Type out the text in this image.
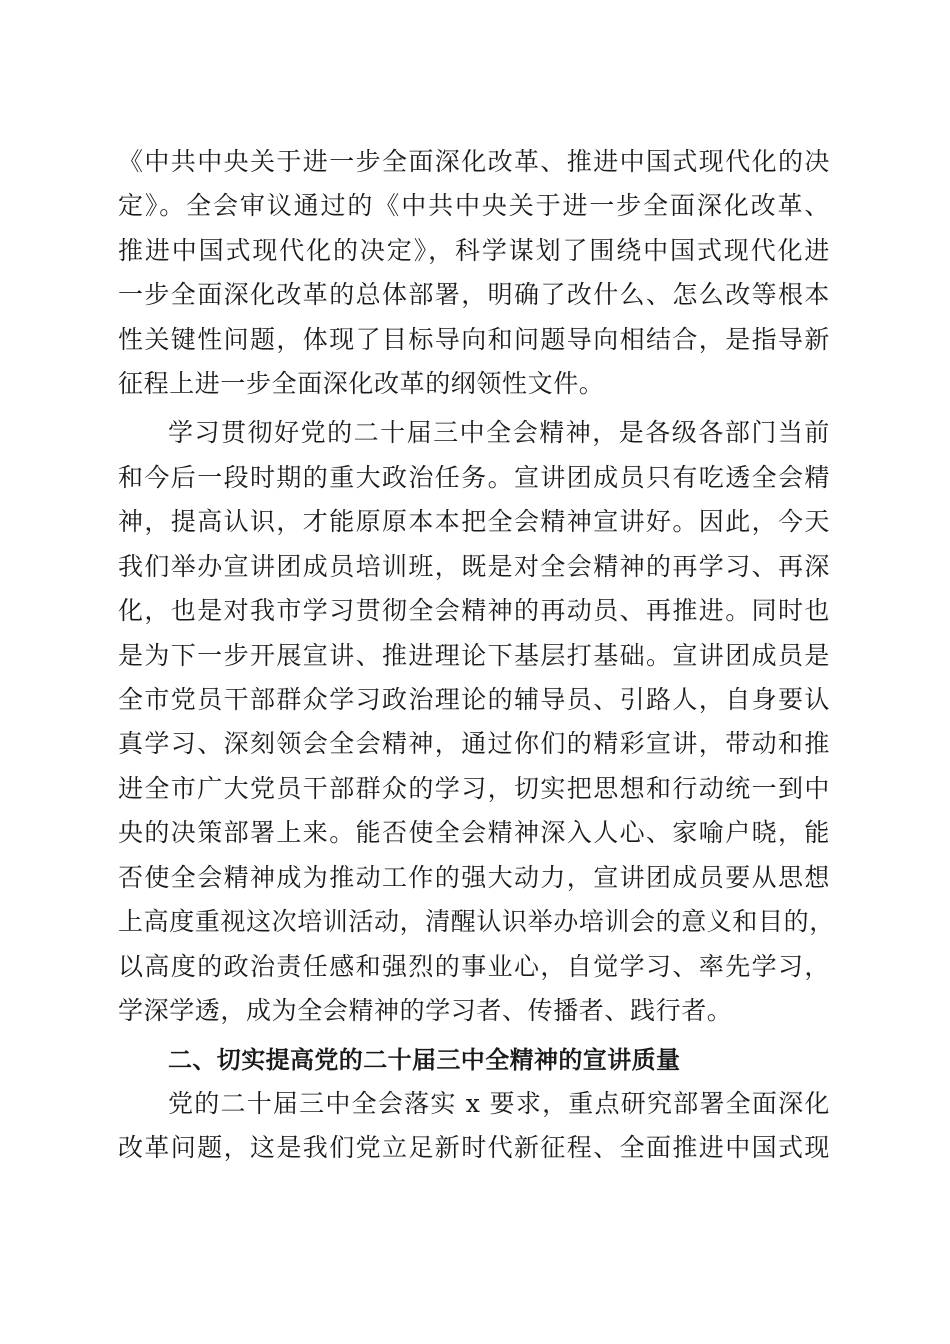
《中共中央关于进一步全面深化改革、推进中国式现代化的决
定》。全会审议通过的《中共中央关于进一步全面深化改革、
推进中国式现代化的决定》，科学谋划了围绕中国式现代化进
一步全面深化改革的总体部署，明确了改什么、怎么改等根本
性关键性问题，体现了目标导向和问题导向相结合，是指导新
征程上进一步全面深化改革的纲领性文件。
学习贯彻好党的二十届三中全会精神，是各级各部门当前
和今后一段时期的重大政治任务。宣讲团成员只有吃透全会精
神，提高认识，才能原原本本把全会精神宣讲好。因此，今天
我们举办宣讲团成员培训班，既是对全会精神的再学习、再深
化，也是对我市学习贯彻全会精神的再动员、再推进。同时也
是为下一步开展宣讲、推进理论下基层打基础。宣讲团成员是
全市党员干部群众学习政治理论的辅导员、引路人，自身要认
真学习、深刻领会全会精神，通过你们的精彩宣讲，带动和推
进全市广大党员干部群众的学习，切实把思想和行动统一到中
央的决策部署上来。能否使全会精神深入人心、家喻户晓，能
否使全会精神成为推动工作的强大动力，宣讲团成员要从思想
上高度重视这次培训活动，清醒认识举办培训会的意义和目的，
以高度的政治责任感和强烈的事业心，自觉学习、率先学习，
学深学透，成为全会精神的学习者、传播者、践行者。
二、切实提高党的二十届三中全精神的宣讲质量
党的二十届三中全会落实 x 要求，重点研究部署全面深化
改革问题，这是我们党立足新时代新征程、全面推进中国式现
